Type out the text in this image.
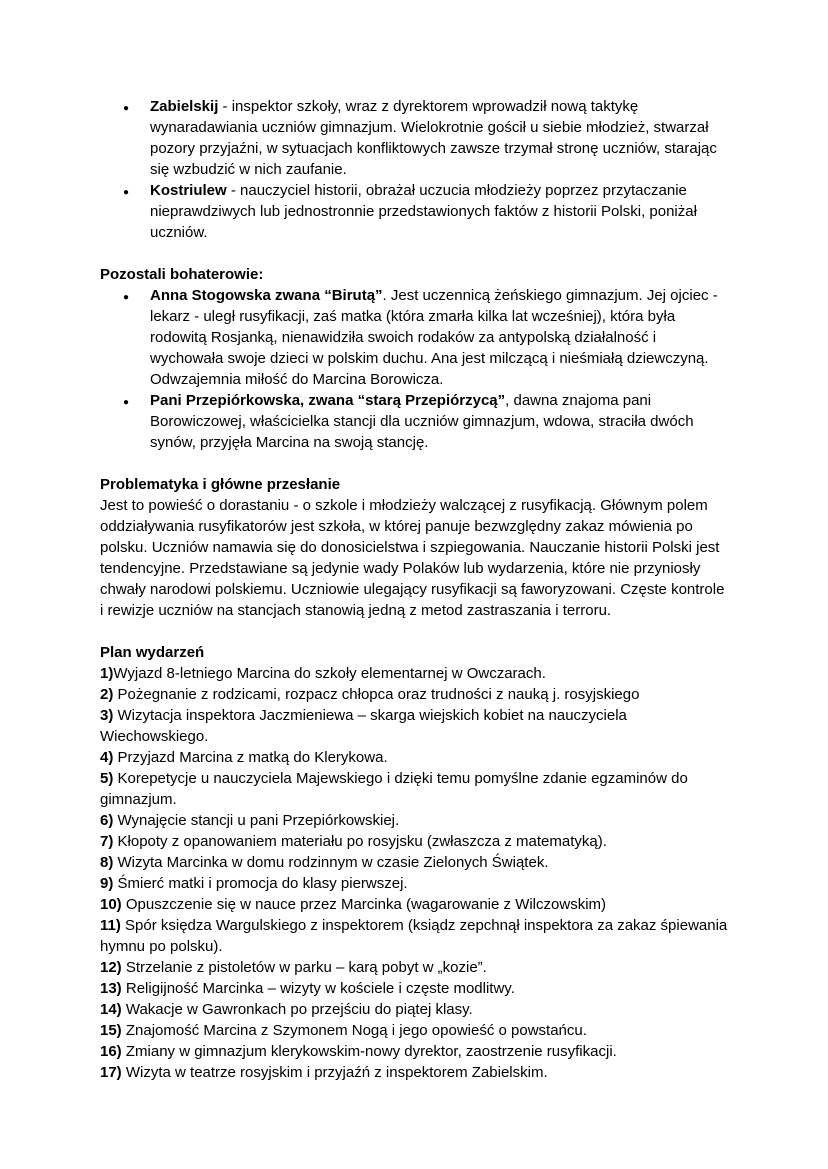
●
Zabielskij - inspektor szkoły, wraz z dyrektorem wprowadził nową taktykę wynaradawiania uczniów gimnazjum. Wielokrotnie gościł u siebie młodzież, stwarzał pozory przyjaźni, w sytuacjach konfliktowych zawsze trzymał stronę uczniów, starając się wzbudzić w nich zaufanie.
●
Kostriulew - nauczyciel historii, obrażał uczucia młodzieży poprzez przytaczanie nieprawdziwych lub jednostronnie przedstawionych faktów z historii Polski, poniżał uczniów.
Pozostali bohaterowie:
●
Anna Stogowska zwana “Birutą”. Jest uczennicą żeńskiego gimnazjum. Jej ojciec - lekarz - uległ rusyfikacji, zaś matka (która zmarła kilka lat wcześniej), która była rodowitą Rosjanką, nienawidziła swoich rodaków za antypolską działalność i wychowała swoje dzieci w polskim duchu. Ana jest milczącą i nieśmiałą dziewczyną. Odwzajemnia miłość do Marcina Borowicza.
●
Pani Przepiórkowska, zwana “starą Przepiórzycą”, dawna znajoma pani Borowiczowej, właścicielka stancji dla uczniów gimnazjum, wdowa, straciła dwóch synów, przyjęła Marcina na swoją stancję.
Problematyka i główne przesłanie

Jest to powieść o dorastaniu - o szkole i młodzieży walczącej z rusyfikacją. Głównym polem oddziaływania rusyfikatorów jest szkoła, w której panuje bezwzględny zakaz mówienia po polsku. Uczniów namawia się do donosicielstwa i szpiegowania. Nauczanie historii Polski jest tendencyjne. Przedstawiane są jedynie wady Polaków lub wydarzenia, które nie przyniosły chwały narodowi polskiemu. Uczniowie ulegający rusyfikacji są faworyzowani. Częste kontrole i rewizje uczniów na stancjach stanowią jedną z metod zastraszania i terroru.

Plan wydarzeń

1)Wyjazd 8-letniego Marcina do szkoły elementarnej w Owczarach.

2) Pożegnanie z rodzicami, rozpacz chłopca oraz trudności z nauką j. rosyjskiego

3) Wizytacja inspektora Jaczmieniewa – skarga wiejskich kobiet na nauczyciela Wiechowskiego.

4) Przyjazd Marcina z matką do Klerykowa.

5) Korepetycje u nauczyciela Majewskiego i dzięki temu pomyślne zdanie egzaminów do gimnazjum.

6) Wynajęcie stancji u pani Przepiórkowskiej.

7) Kłopoty z opanowaniem materiału po rosyjsku (zwłaszcza z matematyką).

8) Wizyta Marcinka w domu rodzinnym w czasie Zielonych Świątek.

9) Śmierć matki i promocja do klasy pierwszej.

10) Opuszczenie się w nauce przez Marcinka (wagarowanie z Wilczowskim)

11) Spór księdza Wargulskiego z inspektorem (ksiądz zepchnął inspektora za zakaz śpiewania hymnu po polsku).

12) Strzelanie z pistoletów w parku – karą pobyt w „kozie”.

13) Religijność Marcinka – wizyty w kościele i częste modlitwy.

14) Wakacje w Gawronkach po przejściu do piątej klasy.

15) Znajomość Marcina z Szymonem Nogą i jego opowieść o powstańcu.

16) Zmiany w gimnazjum klerykowskim-nowy dyrektor, zaostrzenie rusyfikacji.

17) Wizyta w teatrze rosyjskim i przyjaźń z inspektorem Zabielskim.
